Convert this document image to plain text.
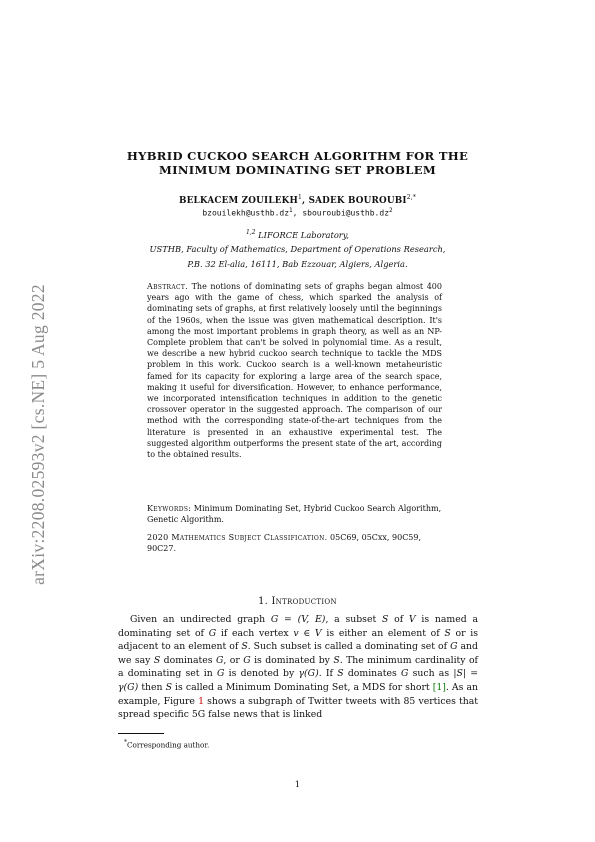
arXiv:2208.02593v2 [cs.NE] 5 Aug 2022
HYBRID CUCKOO SEARCH ALGORITHM FOR THE
MINIMUM DOMINATING SET PROBLEM
BELKACEM ZOUILEKH$^1$, SADEK $BOUROUBI^{2,*}$
$bzouilekh@usthb.dz^1$, $sbouroubi@usthb.dz^2$
$^{1,2}$ LIFORCE Laboratory,
USTHB, Faculty of Mathematics, Department of Operations Research,
P.B. 32 El-alia, 16111, Bab Ezzouar, Algiers, Algeria.
Abstract. The notions of dominating sets of graphs began almost 400 years ago with the game of chess, which sparked the analysis of dominating sets of graphs, at first relatively loosely until the beginnings of the 1960s, when the issue was given mathematical description. It's among the most important problems in graph theory, as well as an NP-Complete problem that can't be solved in polynomial time. As a result, we describe a new hybrid cuckoo search technique to tackle the MDS problem in this work. Cuckoo search is a well-known metaheuristic famed for its capacity for exploring a large area of the search space, making it useful for diversification. However, to enhance performance, we incorporated intensification techniques in addition to the genetic crossover operator in the suggested approach. The comparison of our method with the corresponding state-of-the-art techniques from the literature is presented in an exhaustive experimental test. The suggested algorithm outperforms the present state of the art, according to the obtained results.
Keywords: Minimum Dominating Set, Hybrid Cuckoo Search Algorithm, Genetic Algorithm.
2020 Mathematics Subject Classification. 05C69, 05Cxx, 90C59, 90C27.
1. Introduction

Given an undirected graph G = (V, E), a subset S of V is named a dominating set of G if each vertex v ∈ V is either an element of S or is adjacent to an element of S. Such subset is called a dominating set of G and we say S dominates G, or G is dominated by S. The minimum cardinality of a dominating set in G is denoted by γ(G). If S dominates G such as |S| = γ(G) then S is called a Minimum Dominating Set, a MDS for short [1]. As an example, Figure 1 shows a subgraph of Twitter tweets with 85 vertices that spread specific 5G false news that is linked

*Corresponding author.
1
